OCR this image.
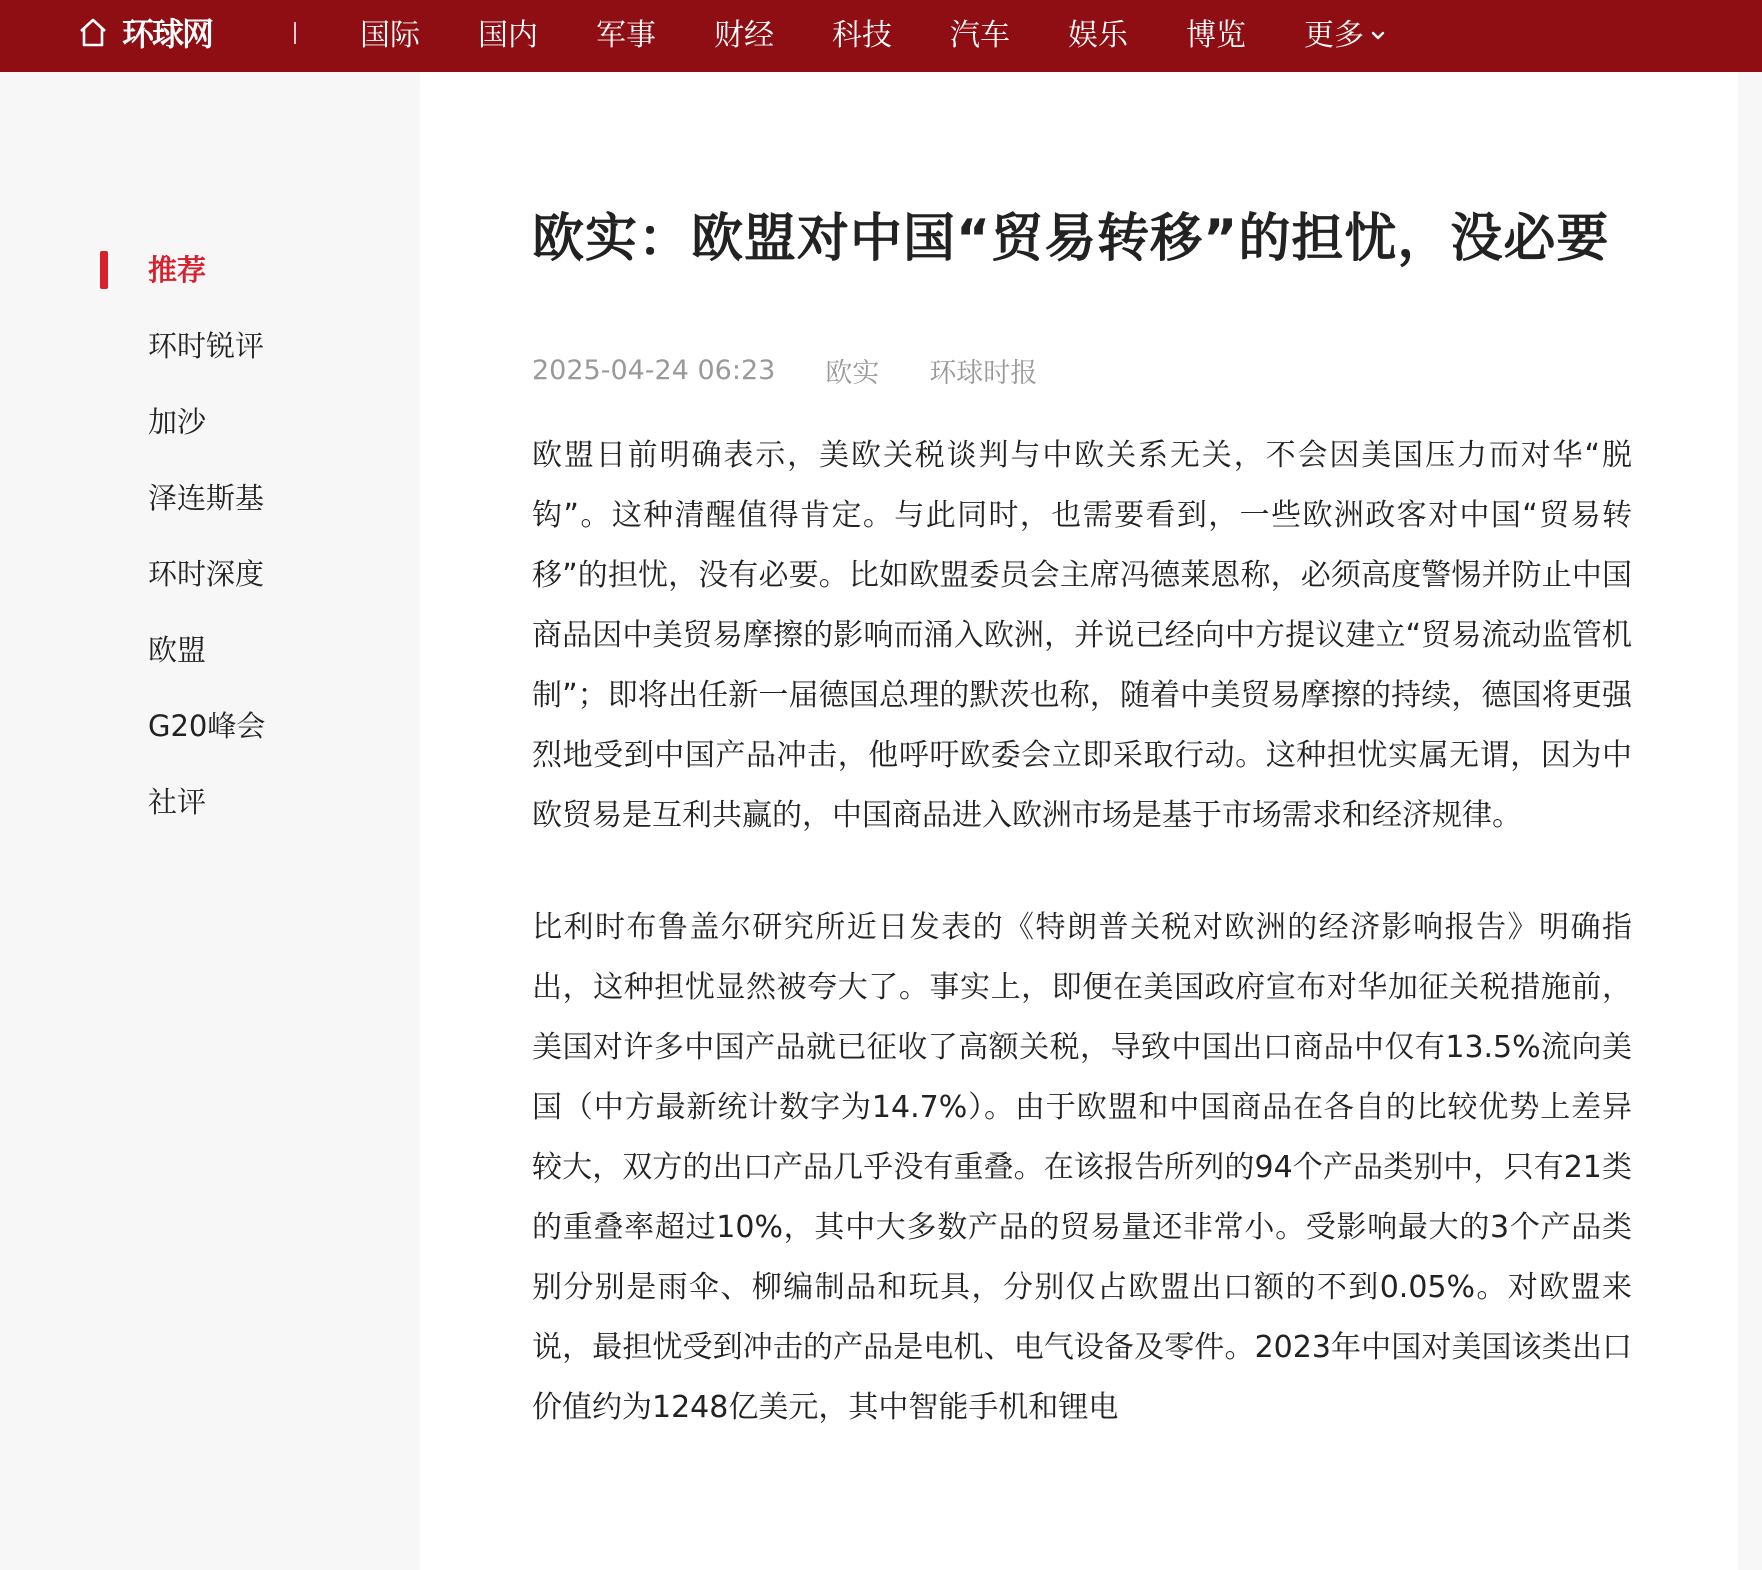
环球网	国际 国内 军事 财经 科技 汽车 娱乐 博览 更多
推荐
环时锐评
加沙
泽连斯基
环时深度
欧盟
G20峰会
社评
欧实：欧盟对中国“贸易转移”的担忧，没必要
2025-04-24 06:23 欧实 环球时报

欧盟日前明确表示，美欧关税谈判与中欧关系无关，不会因美国压力而对华“脱钩”。这种清醒值得肯定。与此同时，也需要看到，一些欧洲政客对中国“贸易转移”的担忧，没有必要。比如欧盟委员会主席冯德莱恩称，必须高度警惕并防止中国商品因中美贸易摩擦的影响而涌入欧洲，并说已经向中方提议建立“贸易流动监管机制”；即将出任新一届德国总理的默茨也称，随着中美贸易摩擦的持续，德国将更强烈地受到中国产品冲击，他呼吁欧委会立即采取行动。这种担忧实属无谓，因为中欧贸易是互利共赢的，中国商品进入欧洲市场是基于市场需求和经济规律。

比利时布鲁盖尔研究所近日发表的《特朗普关税对欧洲的经济影响报告》明确指出，这种担忧显然被夸大了。事实上，即便在美国政府宣布对华加征关税措施前，美国对许多中国产品就已征收了高额关税，导致中国出口商品中仅有13.5%流向美国（中方最新统计数字为14.7%）。由于欧盟和中国商品在各自的比较优势上差异较大，双方的出口产品几乎没有重叠。在该报告所列的94个产品类别中，只有21类的重叠率超过10%，其中大多数产品的贸易量还非常小。受影响最大的3个产品类别分别是雨伞、柳编制品和玩具，分别仅占欧盟出口额的不到0.05%。对欧盟来说，最担忧受到冲击的产品是电机、电气设备及零件。2023年中国对美国该类出口价值约为1248亿美元，其中智能手机和锂电
